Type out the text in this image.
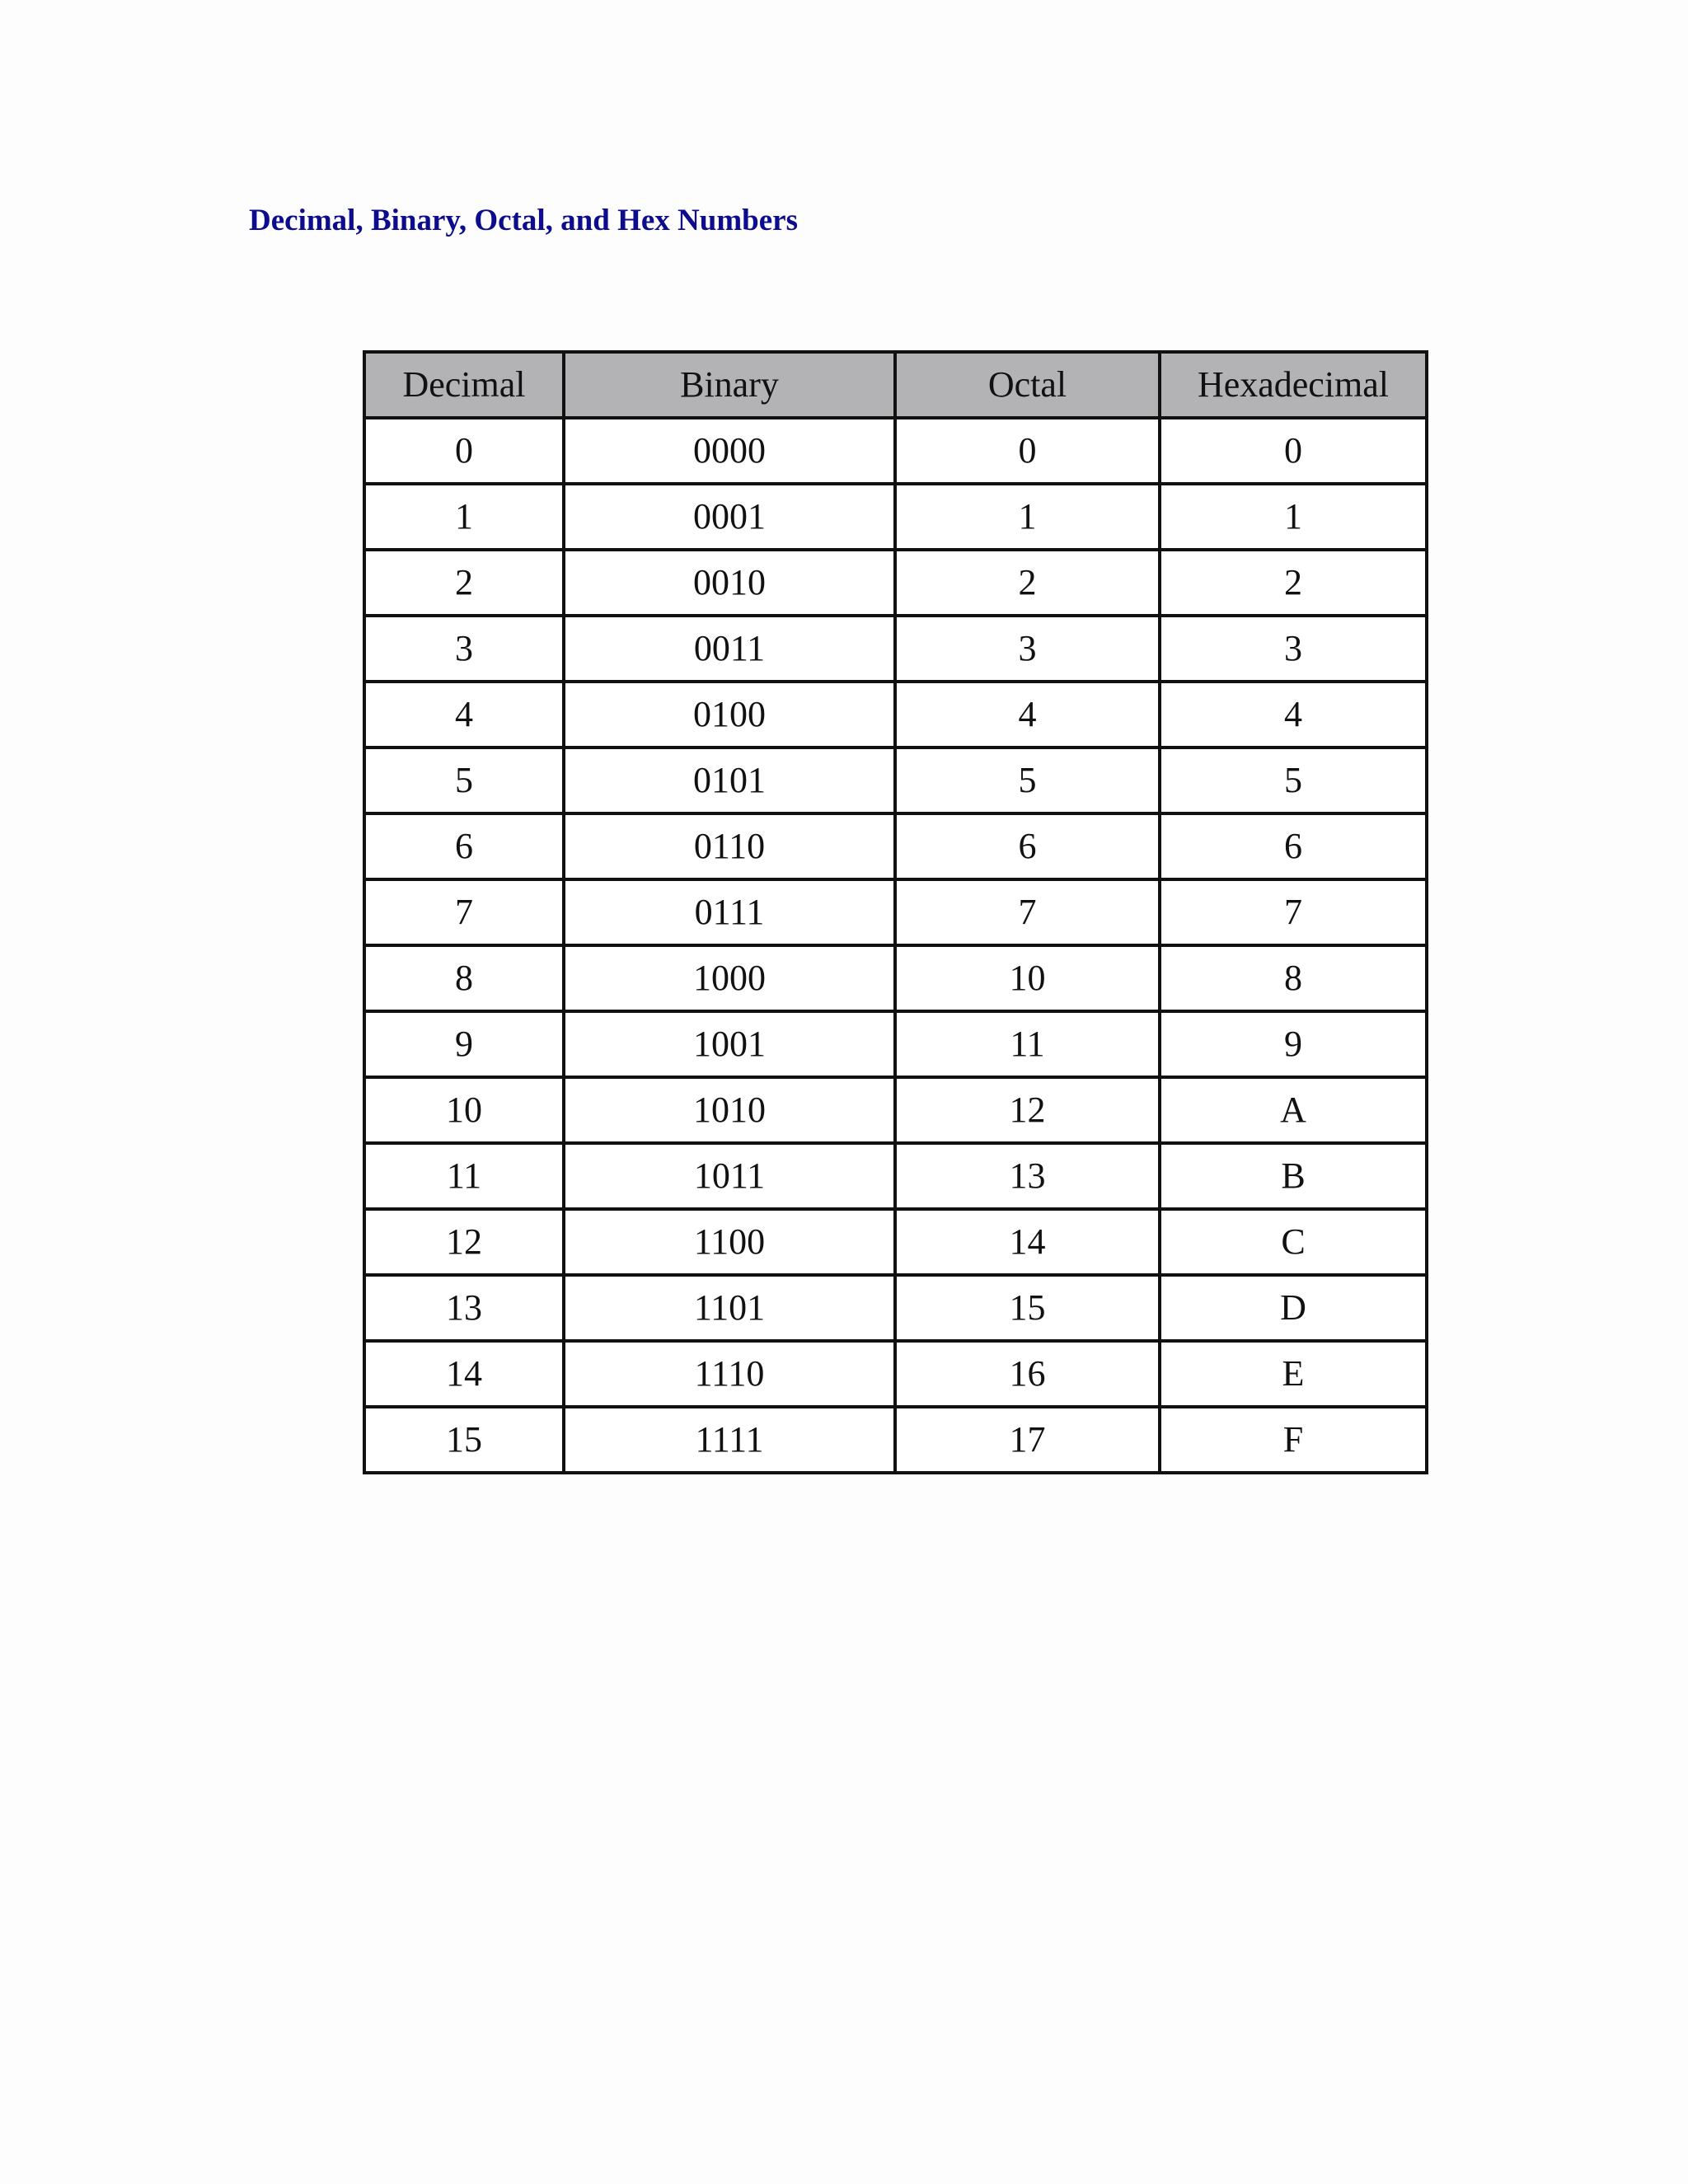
Decimal, Binary, Octal, and Hex Numbers
Decimal	Binary	Octal	Hexadecimal
0	0000	0	0
1	0001	1	1
2	0010	2	2
3	0011	3	3
4	0100	4	4
5	0101	5	5
6	0110	6	6
7	0111	7	7
8	1000	10	8
9	1001	11	9
10	1010	12	A
11	1011	13	B
12	1100	14	C
13	1101	15	D
14	1110	16	E
15	1111	17	F
